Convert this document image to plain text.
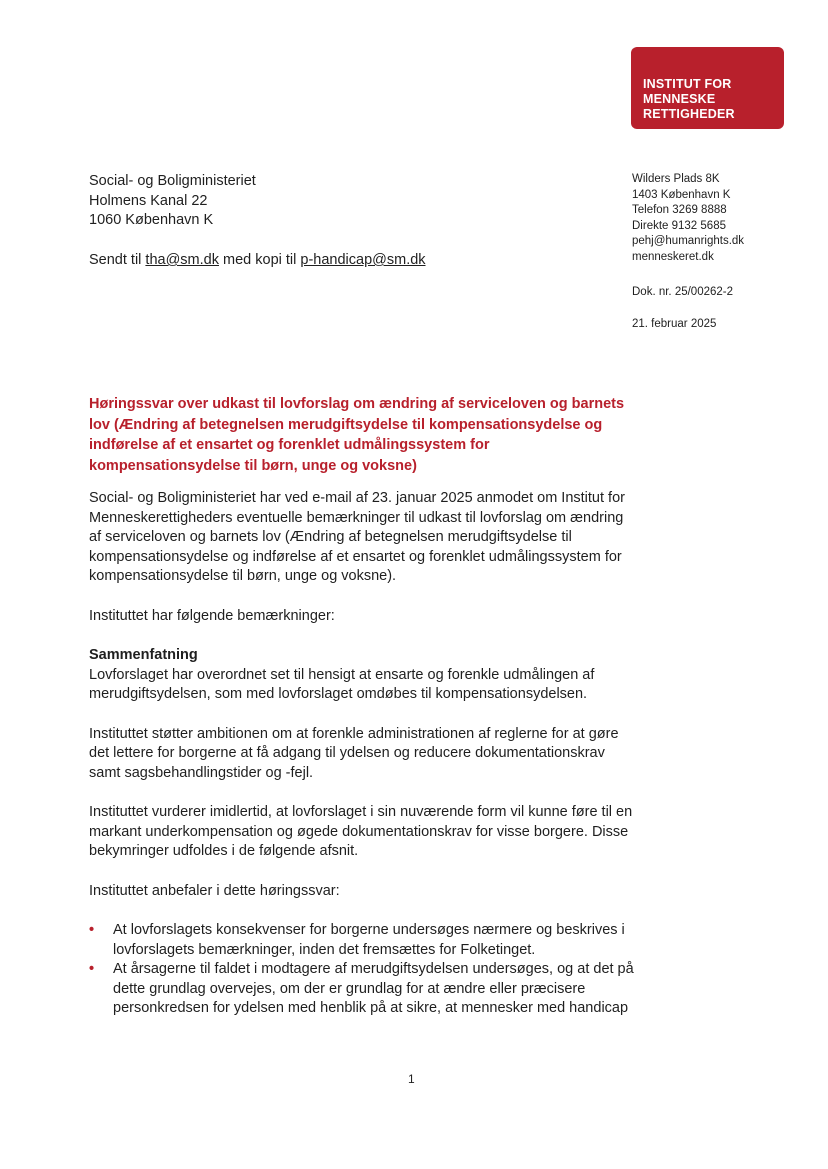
INSTITUT FOR
MENNESKE
RETTIGHEDER
Social- og Boligministeriet
Holmens Kanal 22
1060 København K
Sendt til tha@sm.dk med kopi til p-handicap@sm.dk
Wilders Plads 8K
1403 København K
Telefon 3269 8888
Direkte 9132 5685
pehj@humanrights.dk
menneskeret.dk
Dok. nr. 25/00262-2
21. februar 2025
Høringssvar over udkast til lovforslag om ændring af serviceloven og barnets lov (Ændring af betegnelsen merudgiftsydelse til kompensationsydelse og indførelse af et ensartet og forenklet udmålingssystem for kompensationsydelse til børn, unge og voksne)

Social- og Boligministeriet har ved e-mail af 23. januar 2025 anmodet om Institut for Menneskerettigheders eventuelle bemærkninger til udkast til lovforslag om ændring af serviceloven og barnets lov (Ændring af betegnelsen merudgiftsydelse til kompensationsydelse og indførelse af et ensartet og forenklet udmålingssystem for kompensationsydelse til børn, unge og voksne).

Instituttet har følgende bemærkninger:

Sammenfatning

Lovforslaget har overordnet set til hensigt at ensarte og forenkle udmålingen af merudgiftsydelsen, som med lovforslaget omdøbes til kompensationsydelsen.

Instituttet støtter ambitionen om at forenkle administrationen af reglerne for at gøre det lettere for borgerne at få adgang til ydelsen og reducere dokumentationskrav samt sagsbehandlingstider og -fejl.

Instituttet vurderer imidlertid, at lovforslaget i sin nuværende form vil kunne føre til en markant underkompensation og øgede dokumentationskrav for visse borgere. Disse bekymringer udfoldes i de følgende afsnit.

Instituttet anbefaler i dette høringssvar:

• At lovforslagets konsekvenser for borgerne undersøges nærmere og beskrives i lovforslagets bemærkninger, inden det fremsættes for Folketinget.
• At årsagerne til faldet i modtagere af merudgiftsydelsen undersøges, og at det på dette grundlag overvejes, om der er grundlag for at ændre eller præcisere personkredsen for ydelsen med henblik på at sikre, at mennesker med handicap
1
